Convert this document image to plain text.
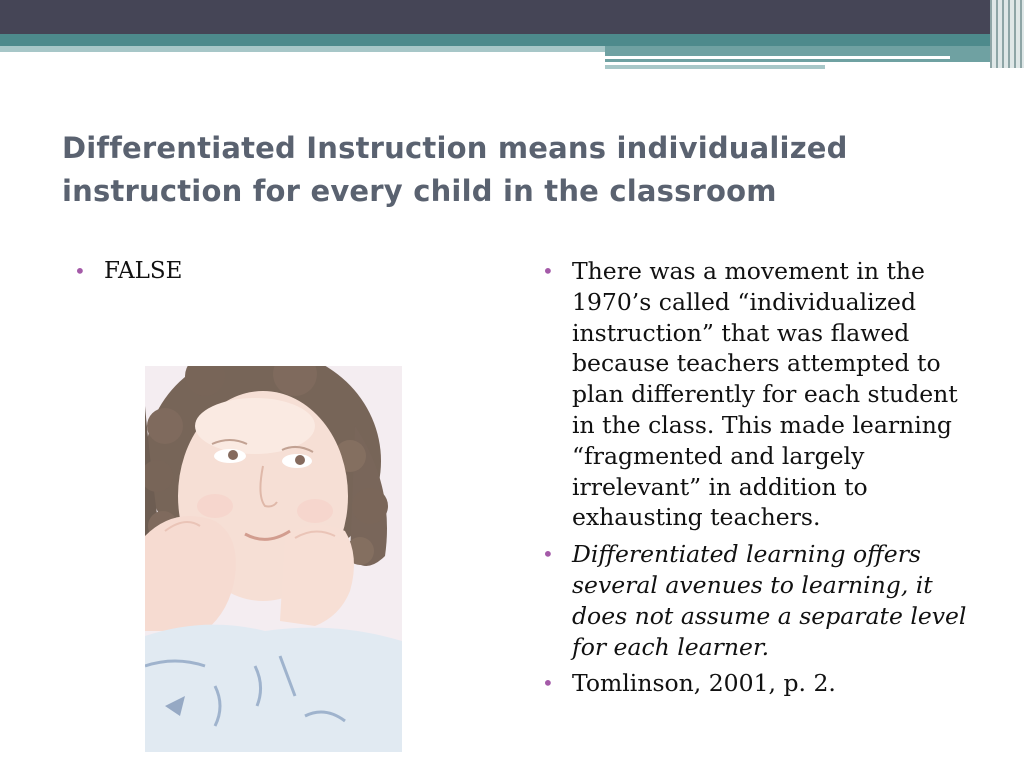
Differentiated Instruction means individualized instruction for every child in the classroom
• FALSE	• There was a movement in the 1970’s called “individualized instruction” that was flawed because teachers attempted to plan differently for each student in the class. This made learning “fragmented and largely irrelevant” in addition to exhausting teachers.
• Differentiated learning offers several avenues to learning, it does not assume a separate level for each learner.
• Tomlinson, 2001, p. 2.
